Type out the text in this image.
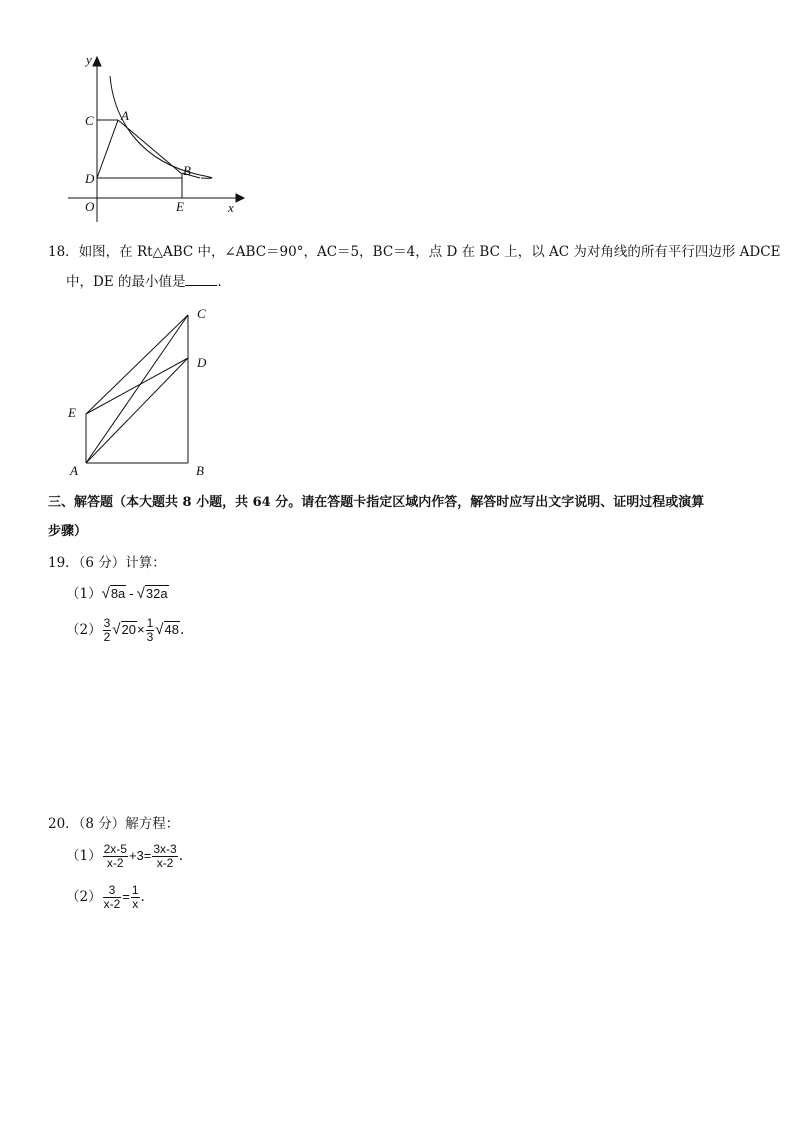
y
x
C A
D
B
O	E
18．如图，在 Rt△ABC 中，∠ABC＝90°，AC＝5，BC＝4，点 D 在 BC 上，以 AC 为对角线的所有平行四边形 ADCE
中，DE 的最小值是 ．
C
D
E
A	B
三、解答题（本大题共 8 小题，共 64 分。请在答题卡指定区域内作答，解答时应写出文字说明、证明过程或演算
步骤）
19．（6 分）计算：
（1）√8a - √32a
$(2) \frac{3}{2} √20\times \frac{1}{3} √48$.
20．（8 分）解方程：
$(1) \frac{2x-5}{x-2} +3= \frac{3x-3}{x-2}$ .
$(2) \frac{3}{x-2} = \frac{1}{x}$ .
